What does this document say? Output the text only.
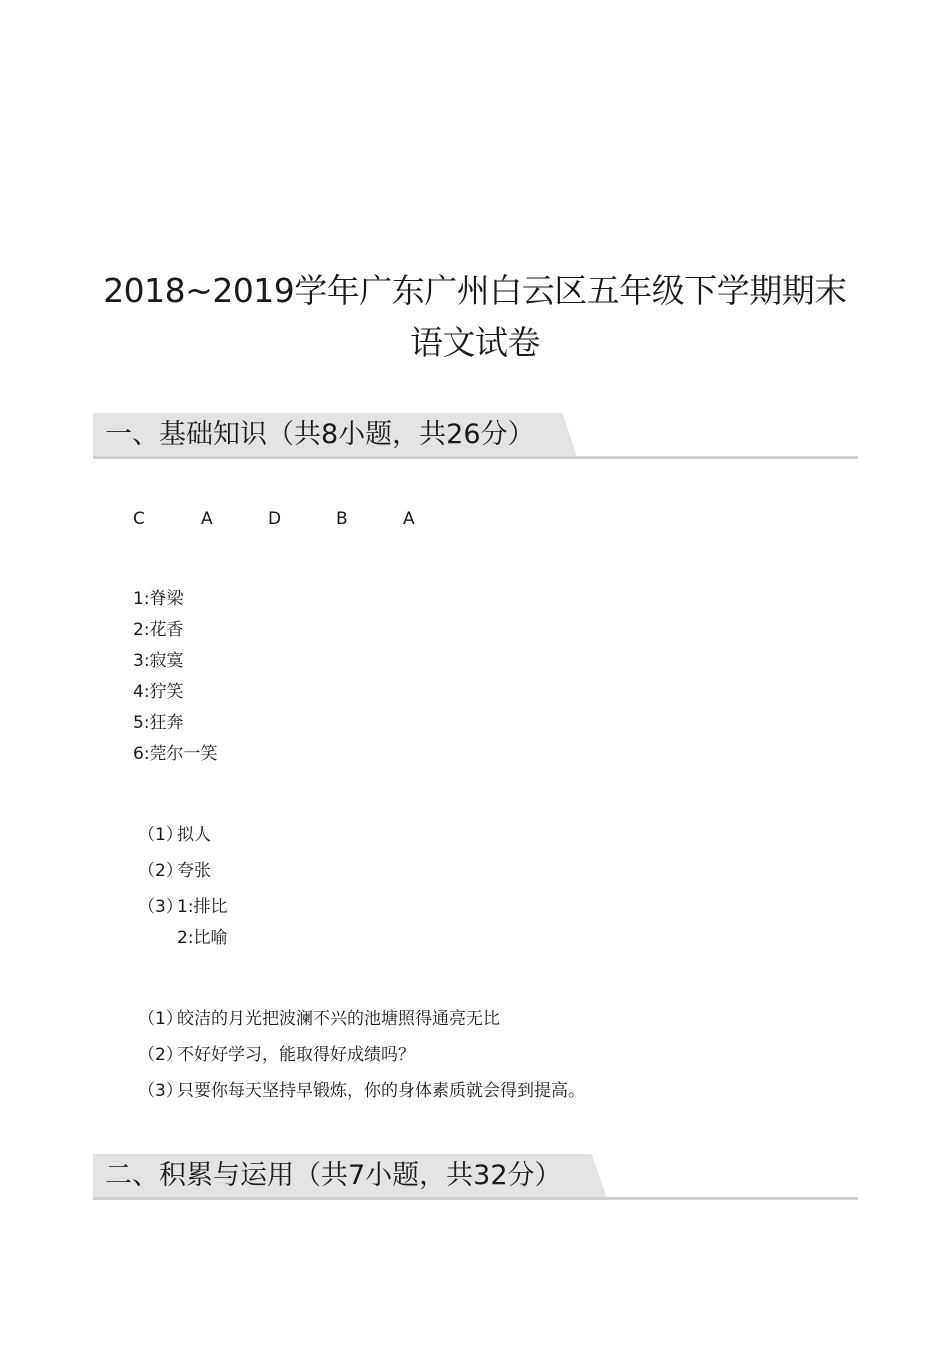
2018~2019学年广东广州白云区五年级下学期期末
语文试卷
一、基础知识（共8小题，共26分）
C	A	D	B	A
1:脊梁
2:花香
3:寂寞
4:狞笑
5:狂奔
6:莞尔一笑
（1）拟人
（2）夸张
（3）1:排比
2:比喻
（1）皎洁的月光把波澜不兴的池塘照得通亮无比
（2）不好好学习，能取得好成绩吗？
（3）只要你每天坚持早锻炼，你的身体素质就会得到提高。
二、积累与运用（共7小题，共32分）
